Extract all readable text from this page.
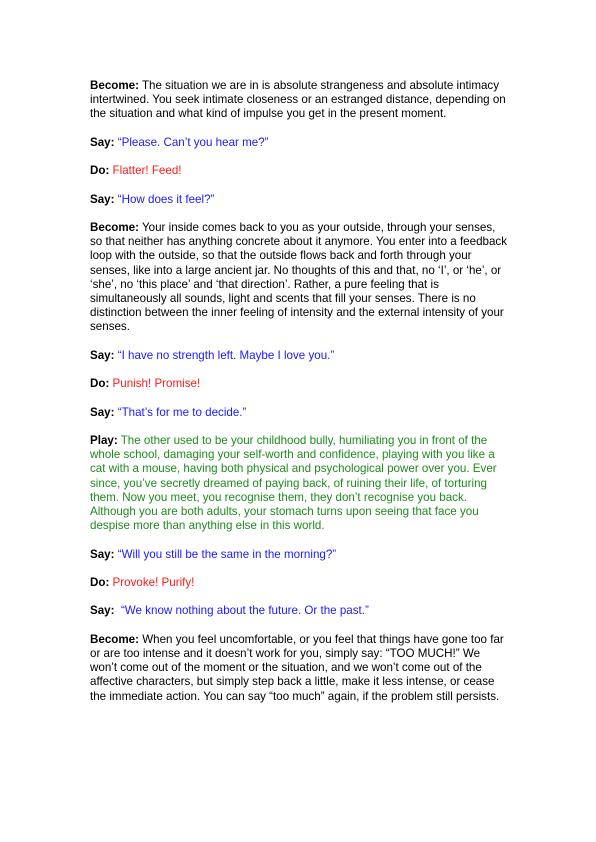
Become: The situation we are in is absolute strangeness and absolute intimacy intertwined. You seek intimate closeness or an estranged distance, depending on the situation and what kind of impulse you get in the present moment.

Say: “Please. Can’t you hear me?”

Do: Flatter! Feed!

Say: “How does it feel?”

Become: Your inside comes back to you as your outside, through your senses, so that neither has anything concrete about it anymore. You enter into a feedback loop with the outside, so that the outside flows back and forth through your senses, like into a large ancient jar. No thoughts of this and that, no ‘I’, or ‘he’, or ‘she’, no ‘this place’ and ‘that direction’. Rather, a pure feeling that is simultaneously all sounds, light and scents that fill your senses. There is no distinction between the inner feeling of intensity and the external intensity of your senses.

Say: “I have no strength left. Maybe I love you.”

Do: Punish! Promise!

Say: “That’s for me to decide.”

Play: The other used to be your childhood bully, humiliating you in front of the whole school, damaging your self-worth and confidence, playing with you like a cat with a mouse, having both physical and psychological power over you. Ever since, you’ve secretly dreamed of paying back, of ruining their life, of torturing them. Now you meet, you recognise them, they don’t recognise you back. Although you are both adults, your stomach turns upon seeing that face you despise more than anything else in this world.

Say: “Will you still be the same in the morning?”

Do: Provoke! Purify!

Say:  “We know nothing about the future. Or the past.”

Become: When you feel uncomfortable, or you feel that things have gone too far or are too intense and it doesn’t work for you, simply say: “TOO MUCH!” We won’t come out of the moment or the situation, and we won’t come out of the affective characters, but simply step back a little, make it less intense, or cease the immediate action. You can say “too much” again, if the problem still persists.
